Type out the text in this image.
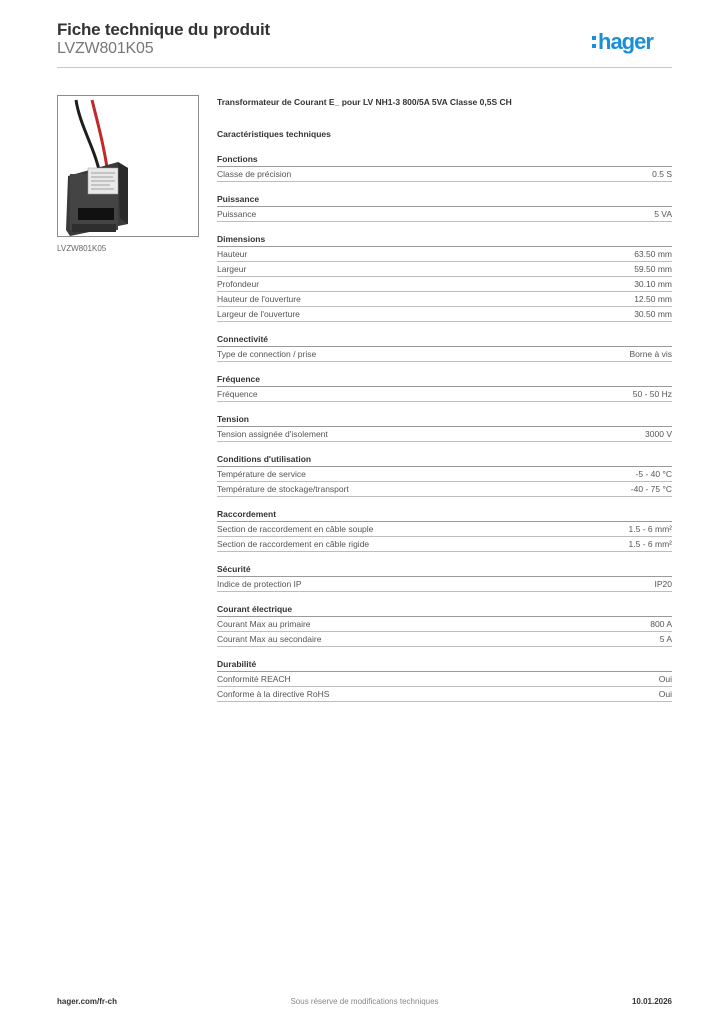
Fiche technique du produit
LVZW801K05	hager
LVZW801K05
Transformateur de Courant E_ pour LV NH1-3 800/5A 5VA Classe 0,5S CH
Caractéristiques techniques
Fonctions
Classe de précision	0.5 S
Puissance
Puissance	5 VA
Dimensions
Hauteur	63.50 mm
Largeur	59.50 mm
Profondeur	30.10 mm
Hauteur de l'ouverture	12.50 mm
Largeur de l'ouverture	30.50 mm
Connectivité
Type de connection / prise	Borne à vis
Fréquence
Fréquence	50 - 50 Hz
Tension
Tension assignée d'isolement	3000 V
Conditions d'utilisation
Température de service	-5 - 40 °C
Température de stockage/transport	-40 - 75 °C
Raccordement
Section de raccordement en câble souple	1.5 - 6 mm²
Section de raccordement en câble rigide	1.5 - 6 mm²
Sécurité
Indice de protection IP	IP20
Courant électrique
Courant Max au primaire	800 A
Courant Max au secondaire	5 A
Durabilité
Conformité REACH	Oui
Conforme à la directive RoHS	Oui
hager.com/fr-ch	Sous réserve de modifications techniques	10.01.2026
